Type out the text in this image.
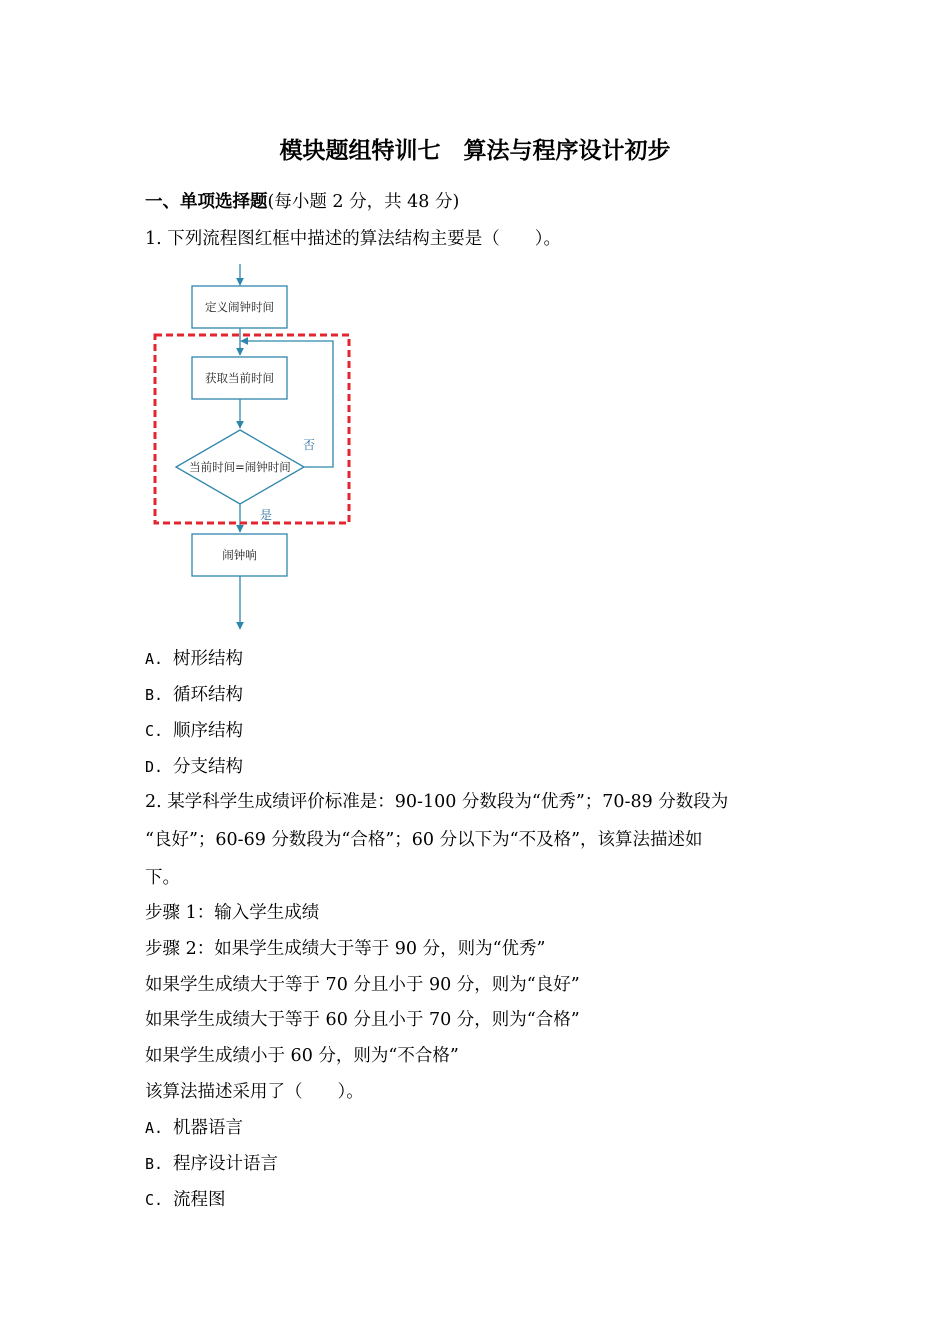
模块题组特训七　算法与程序设计初步
一、单项选择题(每小题 2 分，共 48 分)
1. 下列流程图红框中描述的算法结构主要是（　　）。
定义闹钟时间
获取当前时间
当前时间=闹钟时间
否
是
闹钟响
A. 树形结构
B. 循环结构
C. 顺序结构
D. 分支结构
2. 某学科学生成绩评价标准是：90-100 分数段为“优秀”；70-89 分数段为
“良好”；60-69 分数段为“合格”；60 分以下为“不及格”，该算法描述如
下。
步骤 1：输入学生成绩
步骤 2：如果学生成绩大于等于 90 分，则为“优秀”
如果学生成绩大于等于 70 分且小于 90 分，则为“良好”
如果学生成绩大于等于 60 分且小于 70 分，则为“合格”
如果学生成绩小于 60 分，则为“不合格”
该算法描述采用了（　　）。
A. 机器语言
B. 程序设计语言
C. 流程图
